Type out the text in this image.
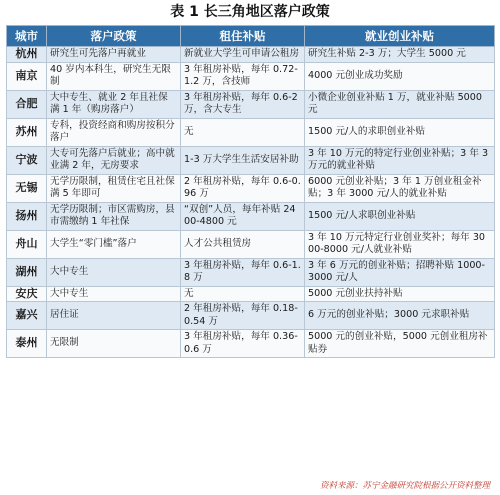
表 1 长三角地区落户政策
城市	落户政策	租住补贴	就业创业补贴
杭州	研究生可先落户再就业	新就业大学生可申请公租房	研究生补贴 2-3 万；大学生 5000 元
南京	40 岁内本科生，研究生无限制	3 年租房补贴，每年 0.72-1.2 万，含技师	4000 元创业成功奖励
合肥	大中专生、就业 2 年且社保满 1 年（购房落户）	3 年租房补贴，每年 0.6-2 万，含大专生	小微企业创业补贴 1 万，就业补贴 5000 元
苏州	专科，投资经商和购房按积分落户	无	1500 元/人的求职创业补贴
宁波	大专可先落户后就业；高中就业满 2 年，无房要求	1-3 万大学生生活安居补助	3 年 10 万元的特定行业创业补贴；3 年 3 万元的就业补贴
无锡	无学历限制，租赁住宅且社保满 5 年即可	2 年租房补贴，每年 0.6-0.96 万	6000 元创业补贴；3 年 1 万创业租金补贴；3 年 3000 元/人的就业补贴
扬州	无学历限制；市区需购房，县市需缴纳 1 年社保	“双创”人员，每年补贴 2400-4800 元	1500 元/人求职创业补贴
舟山	大学生“零门槛”落户	人才公共租赁房	3 年 10 万元特定行业创业奖补；每年 3000-8000 元/人就业补贴
湖州	大中专生	3 年租房补贴，每年 0.6-1.8 万	3 年 6 万元的创业补贴；招聘补贴 1000-3000 元/人
安庆	大中专生	无	5000 元创业扶持补贴
嘉兴	居住证	2 年租房补贴，每年 0.18-0.54 万	6 万元的创业补贴；3000 元求职补贴
泰州	无限制	3 年租房补贴，每年 0.36-0.6 万	5000 元的创业补贴，5000 元创业租房补贴券
资料来源：苏宁金融研究院根据公开资料整理
